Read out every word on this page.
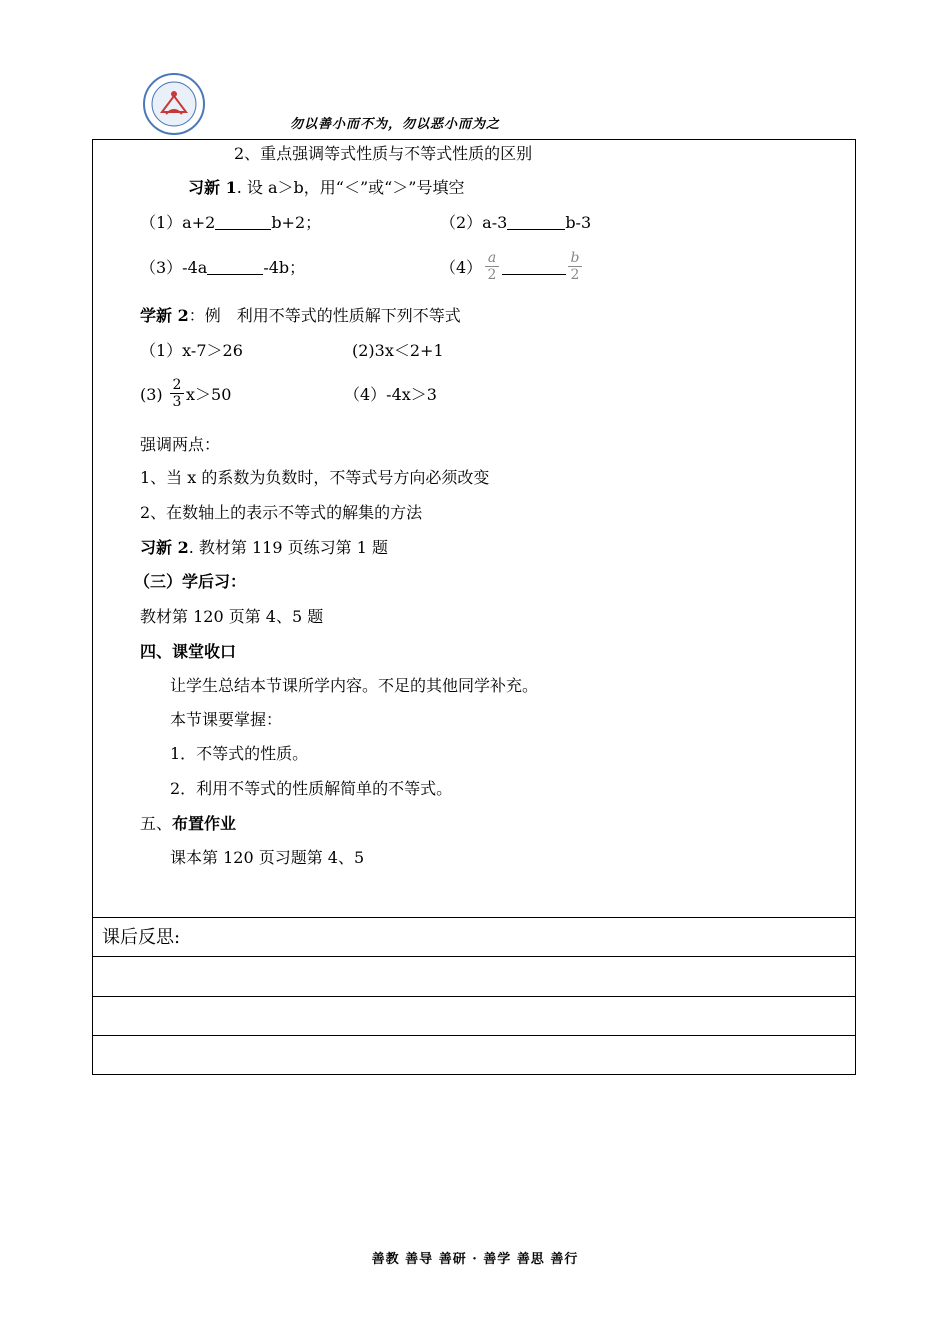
勿以善小而不为，勿以恶小而为之
2、重点强调等式性质与不等式性质的区别
习新 1. 设 a＞b，用“＜”或“＞”号填空
（1）a+2	b+2；	（2）a-3	b-3
（3）-4a	-4b；	$(4) \frac{a}{2}$	$\frac{b}{2}$
学新 2：例　利用不等式的性质解下列不等式
（1）x-7＞26	(2)3x＜2+1
$(3) \frac{2}{3} x>50$	（4）-4x＞3
强调两点：
1、当 x 的系数为负数时，不等式号方向必须改变
2、在数轴上的表示不等式的解集的方法
习新 2. 教材第 119 页练习第 1 题
（三）学后习：
教材第 120 页第 4、5 题
四、课堂收口
让学生总结本节课所学内容。不足的其他同学补充。
本节课要掌握：
1．不等式的性质。
2．利用不等式的性质解简单的不等式。
五、布置作业
课本第 120 页习题第 4、5
课后反思:
善教 善导 善研 · 善学 善思 善行
